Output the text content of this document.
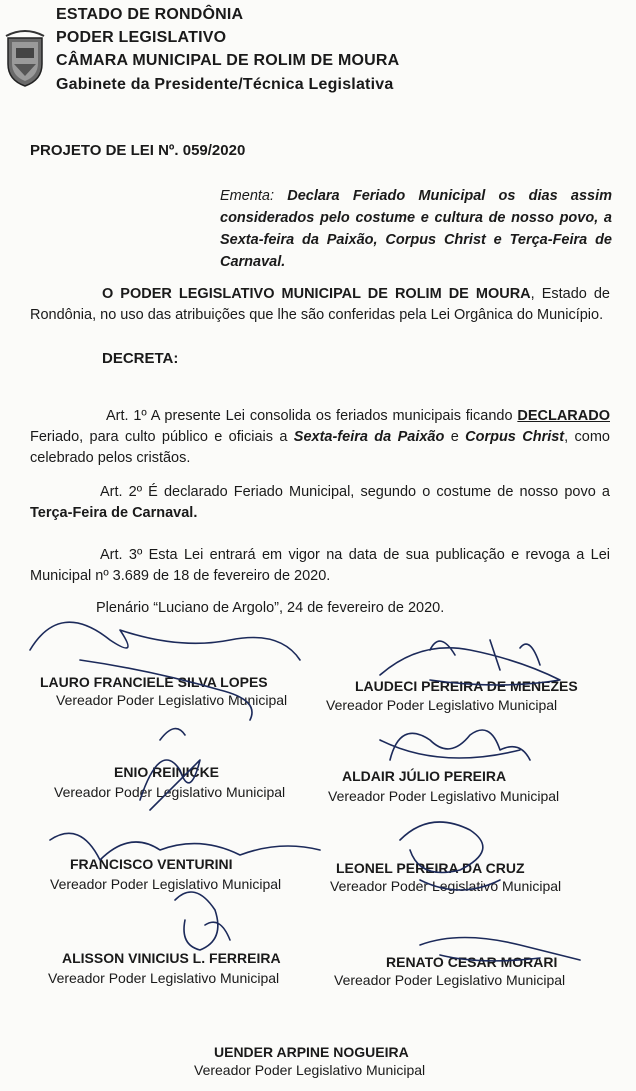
ESTADO DE RONDÔNIA
PODER LEGISLATIVO
CÂMARA MUNICIPAL DE ROLIM DE MOURA
Gabinete da Presidente/Técnica Legislativa
PROJETO DE LEI Nº. 059/2020
Ementa: Declara Feriado Municipal os dias assim considerados pelo costume e cultura de nosso povo, a Sexta-feira da Paixão, Corpus Christ e Terça-Feira de Carnaval.
O PODER LEGISLATIVO MUNICIPAL DE ROLIM DE MOURA, Estado de Rondônia, no uso das atribuições que lhe são conferidas pela Lei Orgânica do Município.
DECRETA:
Art. 1º A presente Lei consolida os feriados municipais ficando DECLARADO Feriado, para culto público e oficiais a Sexta-feira da Paixão e Corpus Christ, como celebrado pelos cristãos.
Art. 2º É declarado Feriado Municipal, segundo o costume de nosso povo a Terça-Feira de Carnaval.
Art. 3º Esta Lei entrará em vigor na data de sua publicação e revoga a Lei Municipal nº 3.689 de 18 de fevereiro de 2020.
Plenário “Luciano de Argolo”, 24 de fevereiro de 2020.
LAURO FRANCIELE SILVA LOPES
Vereador Poder Legislativo Municipal
LAUDECI PEREIRA DE MENEZES
Vereador Poder Legislativo Municipal
ENIO REINICKE
Vereador Poder Legislativo Municipal
ALDAIR JÚLIO PEREIRA
Vereador Poder Legislativo Municipal
FRANCISCO VENTURINI
Vereador Poder Legislativo Municipal
LEONEL PEREIRA DA CRUZ
Vereador Poder Legislativo Municipal
ALISSON VINICIUS L. FERREIRA
Vereador Poder Legislativo Municipal
RENATO CESAR MORARI
Vereador Poder Legislativo Municipal
UENDER ARPINE NOGUEIRA
Vereador Poder Legislativo Municipal
